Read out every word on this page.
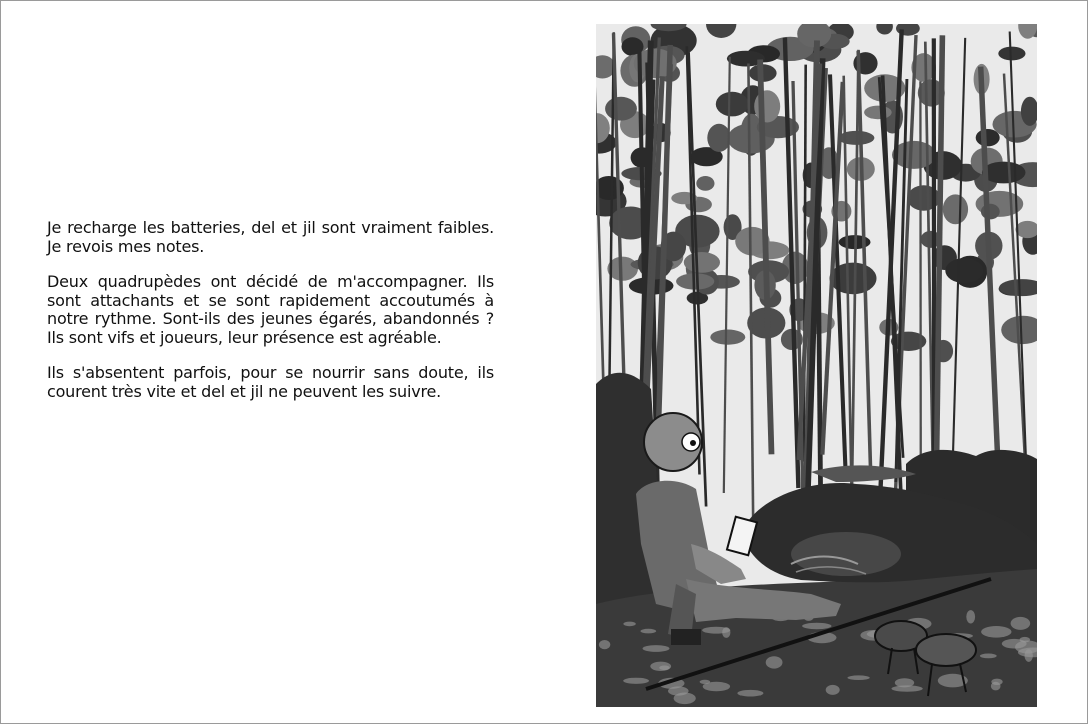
Je recharge les batteries, del et jil sont vraiment faibles. Je revois mes notes.

Deux quadrupèdes ont décidé de m'accompagner. Ils sont attachants et se sont rapidement accoutumés à notre rythme. Sont-ils des jeunes égarés, abandonnés ? Ils sont vifs et joueurs, leur présence est agréable.

Ils s'absentent parfois, pour se nourrir sans doute, ils courent très vite et del et jil ne peuvent les suivre.
